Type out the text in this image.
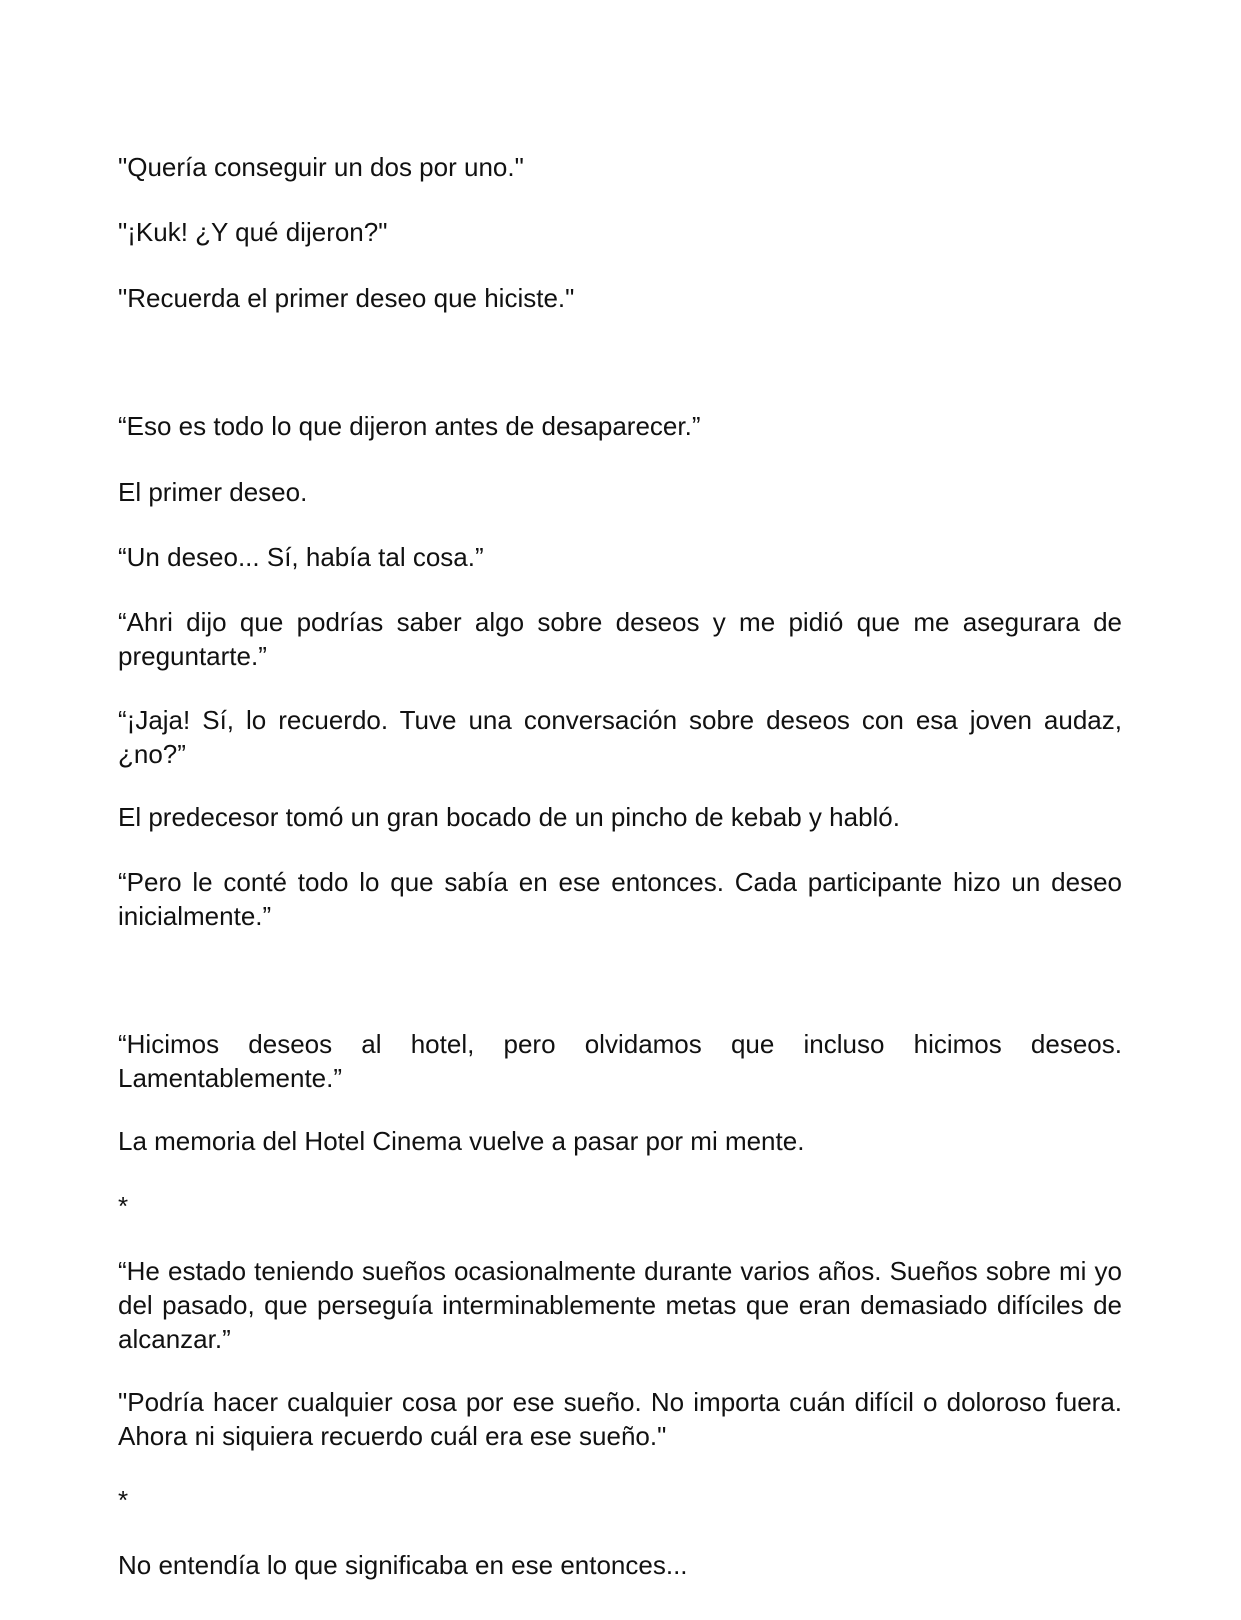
"Quería conseguir un dos por uno."

"¡Kuk! ¿Y qué dijeron?"

"Recuerda el primer deseo que hiciste."

“Eso es todo lo que dijeron antes de desaparecer.”

El primer deseo.

“Un deseo... Sí, había tal cosa.”

“Ahri dijo que podrías saber algo sobre deseos y me pidió que me asegurara de preguntarte.”

“¡Jaja! Sí, lo recuerdo. Tuve una conversación sobre deseos con esa joven audaz, ¿no?”

El predecesor tomó un gran bocado de un pincho de kebab y habló.

“Pero le conté todo lo que sabía en ese entonces. Cada participante hizo un deseo inicialmente.”

“Hicimos deseos al hotel, pero olvidamos que incluso hicimos deseos. Lamentablemente.”

La memoria del Hotel Cinema vuelve a pasar por mi mente.

*

“He estado teniendo sueños ocasionalmente durante varios años. Sueños sobre mi yo del pasado, que perseguía interminablemente metas que eran demasiado difíciles de alcanzar.”

"Podría hacer cualquier cosa por ese sueño. No importa cuán difícil o doloroso fuera. Ahora ni siquiera recuerdo cuál era ese sueño."

*

No entendía lo que significaba en ese entonces...
